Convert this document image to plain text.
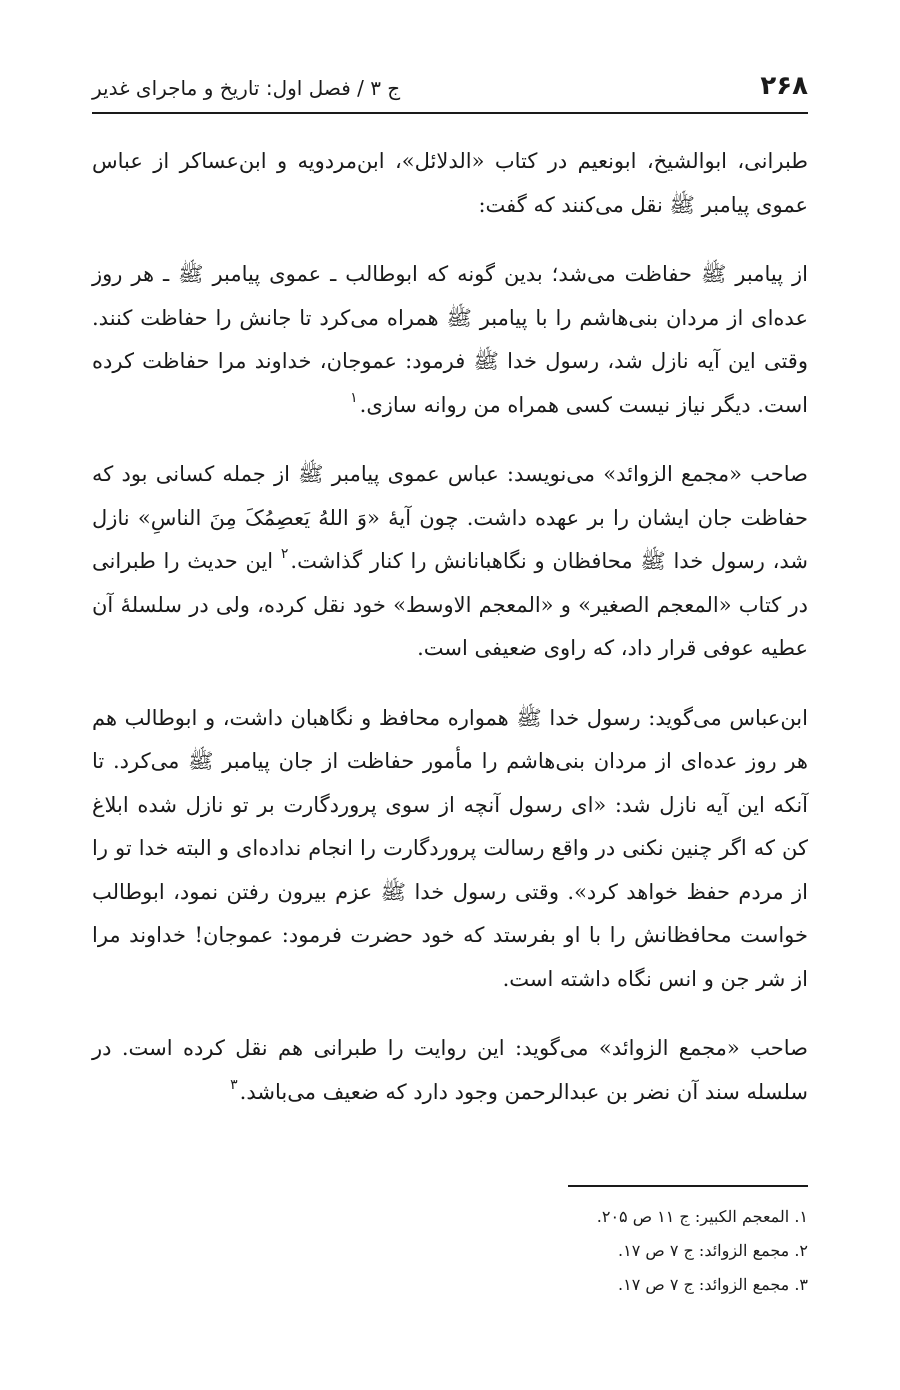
۲۶۸
ج ۳ / فصل اول: تاریخ و ماجرای غدیر

طبرانی، ابوالشیخ، ابونعیم در کتاب «الدلائل»، ابن‌مردویه و ابن‌عساکر از عباس عموی پیامبر ﷺ نقل می‌کنند که گفت:

از پیامبر ﷺ حفاظت می‌شد؛ بدین گونه که ابوطالب ـ عموی پیامبر ﷺ ـ هر روز عده‌ای از مردان بنی‌هاشم را با پیامبر ﷺ همراه می‌کرد تا جانش را حفاظت کنند. وقتی این آیه نازل شد، رسول خدا ﷺ فرمود: عموجان، خداوند مرا حفاظت کرده است. دیگر نیاز نیست کسی همراه من روانه سازی.$^۱$

صاحب «مجمع الزوائد» می‌نویسد: عباس عموی پیامبر ﷺ از جمله کسانی بود که حفاظت جان ایشان را بر عهده داشت. چون آیهٔ «وَ اللهُ یَعصِمُکَ مِنَ الناسِ» نازل شد، رسول خدا ﷺ محافظان و نگاهبانانش را کنار گذاشت.$^۲$ این حدیث را طبرانی در کتاب «المعجم الصغیر» و «المعجم الاوسط» خود نقل کرده، ولی در سلسلهٔ آن عطیه عوفی قرار داد، که راوی ضعیفی است.

ابن‌عباس می‌گوید: رسول خدا ﷺ همواره محافظ و نگاهبان داشت، و ابوطالب هم هر روز عده‌ای از مردان بنی‌هاشم را مأمور حفاظت از جان پیامبر ﷺ می‌کرد. تا آنکه این آیه نازل شد: «ای رسول آنچه از سوی پروردگارت بر تو نازل شده ابلاغ کن که اگر چنین نکنی در واقع رسالت پروردگارت را انجام نداده‌ای و البته خدا تو را از مردم حفظ خواهد کرد». وقتی رسول خدا ﷺ عزم بیرون رفتن نمود، ابوطالب خواست محافظانش را با او بفرستد که خود حضرت فرمود: عموجان! خداوند مرا از شر جن و انس نگاه داشته است.

صاحب «مجمع الزوائد» می‌گوید: این روایت را طبرانی هم نقل کرده است. در سلسله سند آن نضر بن عبدالرحمن وجود دارد که ضعیف می‌باشد.$^۳$

۱. المعجم الکبیر: ج ۱۱ ص ۲۰۵.
۲. مجمع الزوائد: ج ۷ ص ۱۷.
۳. مجمع الزوائد: ج ۷ ص ۱۷.
